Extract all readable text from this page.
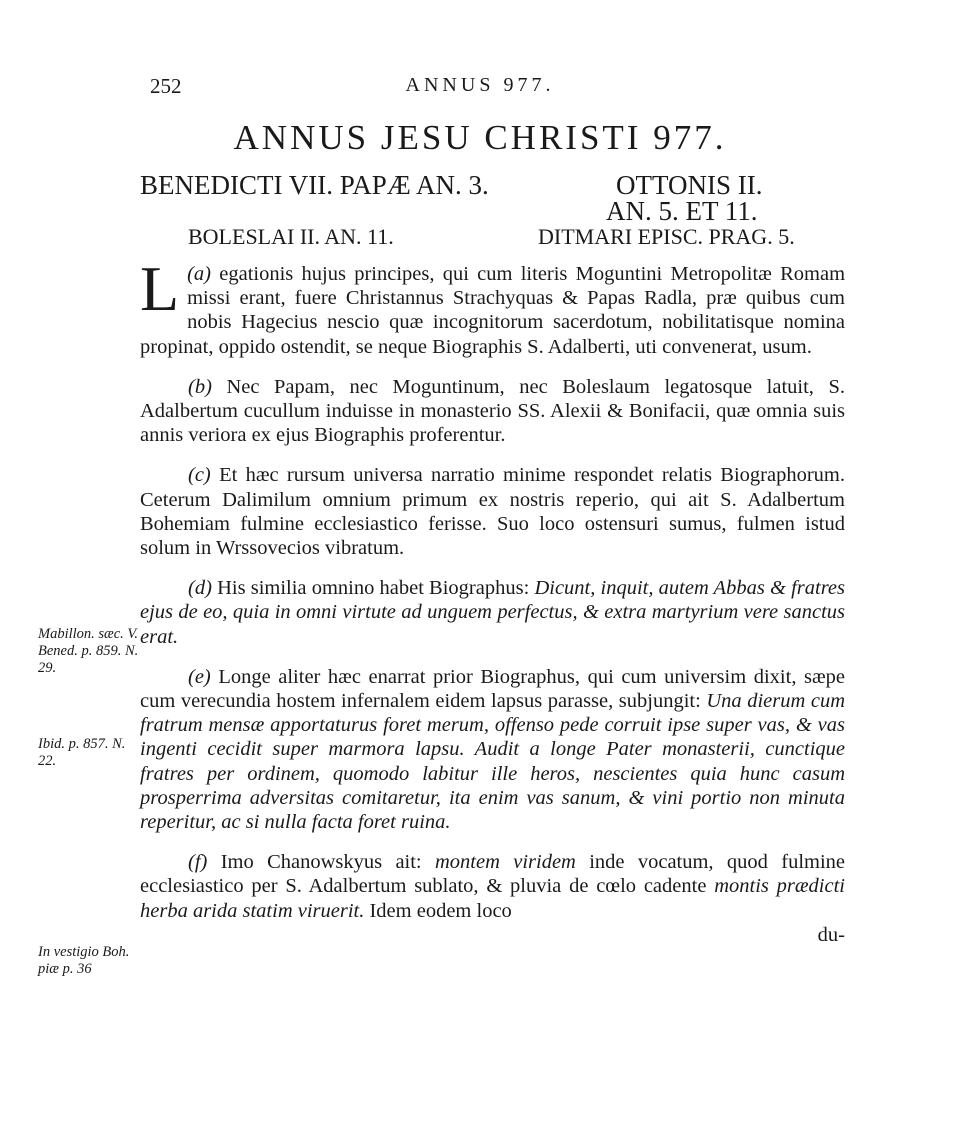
252	ANNUS 977.
ANNUS JESU CHRISTI 977.
BENEDICTI VII. PAPÆ AN. 3.
BOLESLAI II. AN. 11.
OTTONIS II.
AN. 5. ET 11.
DITMARI EPISC. PRAG. 5.

(a)
L egationis hujus principes, qui cum literis Moguntini Metropolitæ Romam missi erant, fuere Christannus Strachyquas & Papas Radla, præ quibus cum nobis Hagecius nescio quæ incognitorum sacerdotum, nobilitatisque nomina propinat, oppido ostendit, se neque Biographis S. Adalberti, uti convenerat, usum.

(b) Nec Papam, nec Moguntinum, nec Boleslaum legatosque latuit, S. Adalbertum cucullum induisse in monasterio SS. Alexii & Bonifacii, quæ omnia suis annis veriora ex ejus Biographis proferentur.

(c) Et hæc rursum universa narratio minime respondet relatis Biographorum. Ceterum Dalimilum omnium primum ex nostris reperio, qui ait S. Adalbertum Bohemiam fulmine ecclesiastico ferisse. Suo loco ostensuri sumus, fulmen istud solum in Wrssovecios vibratum.

(d) His similia omnino habet Biographus: Dicunt, inquit, autem Abbas & fratres ejus de eo, quia in omni virtute ad unguem perfectus, & extra martyrium vere sanctus erat.

(e) Longe aliter hæc enarrat prior Biographus, qui cum universim dixit, sæpe cum verecundia hostem infernalem eidem lapsus parasse, subjungit: Una dierum cum fratrum mensæ apportaturus foret merum, offenso pede corruit ipse super vas, & vas ingenti cecidit super marmora lapsu. Audit a longe Pater monasterii, cunctique fratres per ordinem, quomodo labitur ille heros, nescientes quia hunc casum prosperrima adversitas comitaretur, ita enim vas sanum, & vini portio non minuta reperitur, ac si nulla facta foret ruina.

(f) Imo Chanowskyus ait: montem viridem inde vocatum, quod fulmine ecclesiastico per S. Adalbertum sublato, & pluvia de cœlo cadente montis prædicti herba arida statim viruerit. Idem eodem loco

du-

Mabillon. sæc. V. Bened. p. 859. N. 29.
Ibid. p. 857. N. 22.
In vestigio Boh. piæ p. 36
